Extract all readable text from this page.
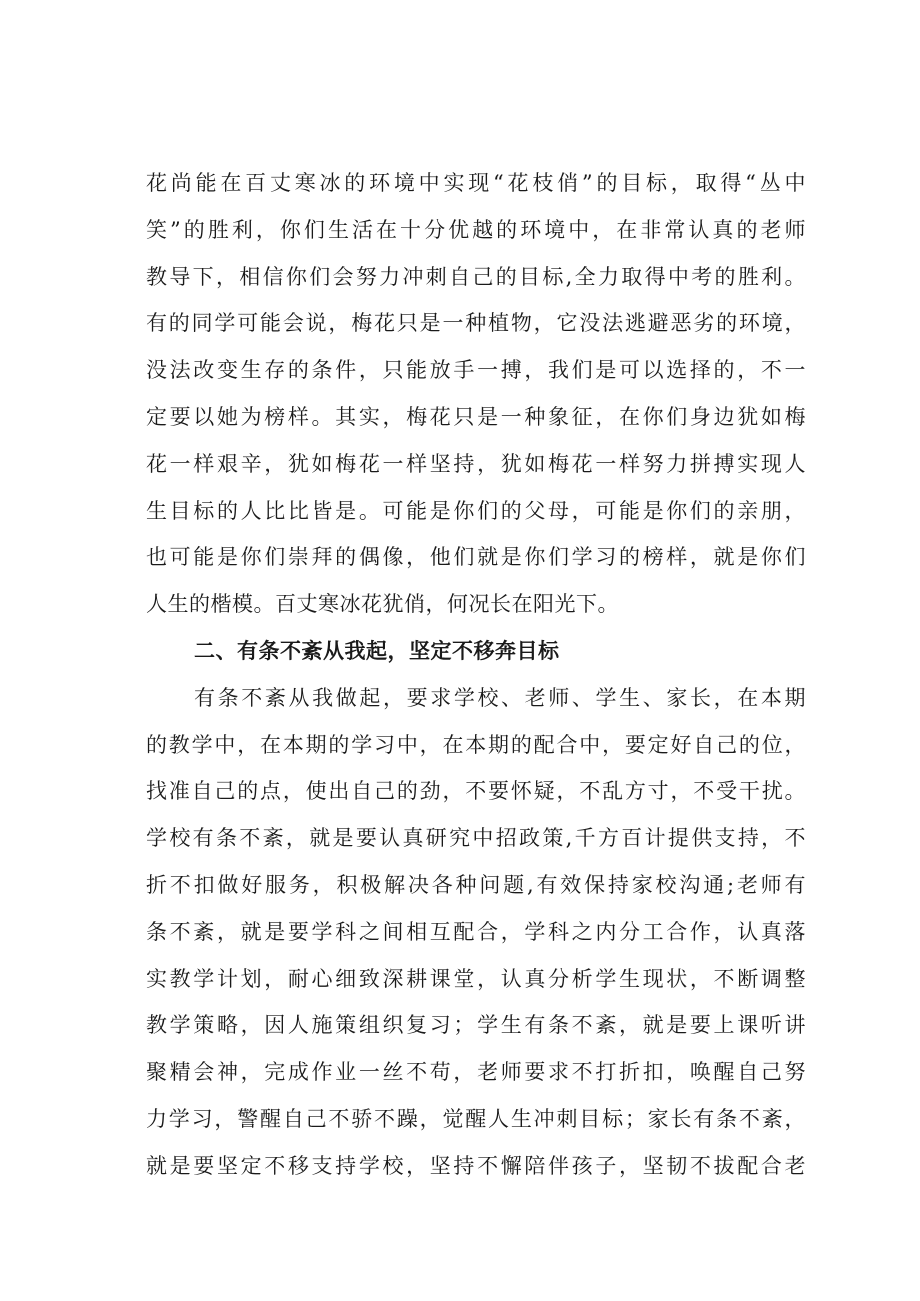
花尚能在百丈寒冰的环境中实现“花枝俏”的目标，取得“丛中
笑”的胜利，你们生活在十分优越的环境中，在非常认真的老师
教导下，相信你们会努力冲刺自己的目标,全力取得中考的胜利。
有的同学可能会说，梅花只是一种植物，它没法逃避恶劣的环境，
没法改变生存的条件，只能放手一搏，我们是可以选择的，不一
定要以她为榜样。其实，梅花只是一种象征，在你们身边犹如梅
花一样艰辛，犹如梅花一样坚持，犹如梅花一样努力拼搏实现人
生目标的人比比皆是。可能是你们的父母，可能是你们的亲朋，
也可能是你们崇拜的偶像，他们就是你们学习的榜样，就是你们
人生的楷模。百丈寒冰花犹俏，何况长在阳光下。
二、有条不紊从我起，坚定不移奔目标
有条不紊从我做起，要求学校、老师、学生、家长，在本期
的教学中，在本期的学习中，在本期的配合中，要定好自己的位，
找准自己的点，使出自己的劲，不要怀疑，不乱方寸，不受干扰。
学校有条不紊，就是要认真研究中招政策,千方百计提供支持，不
折不扣做好服务，积极解决各种问题,有效保持家校沟通;老师有
条不紊，就是要学科之间相互配合，学科之内分工合作，认真落
实教学计划，耐心细致深耕课堂，认真分析学生现状，不断调整
教学策略，因人施策组织复习；学生有条不紊，就是要上课听讲
聚精会神，完成作业一丝不苟，老师要求不打折扣，唤醒自己努
力学习，警醒自己不骄不躁，觉醒人生冲刺目标；家长有条不紊，
就是要坚定不移支持学校，坚持不懈陪伴孩子，坚韧不拔配合老
